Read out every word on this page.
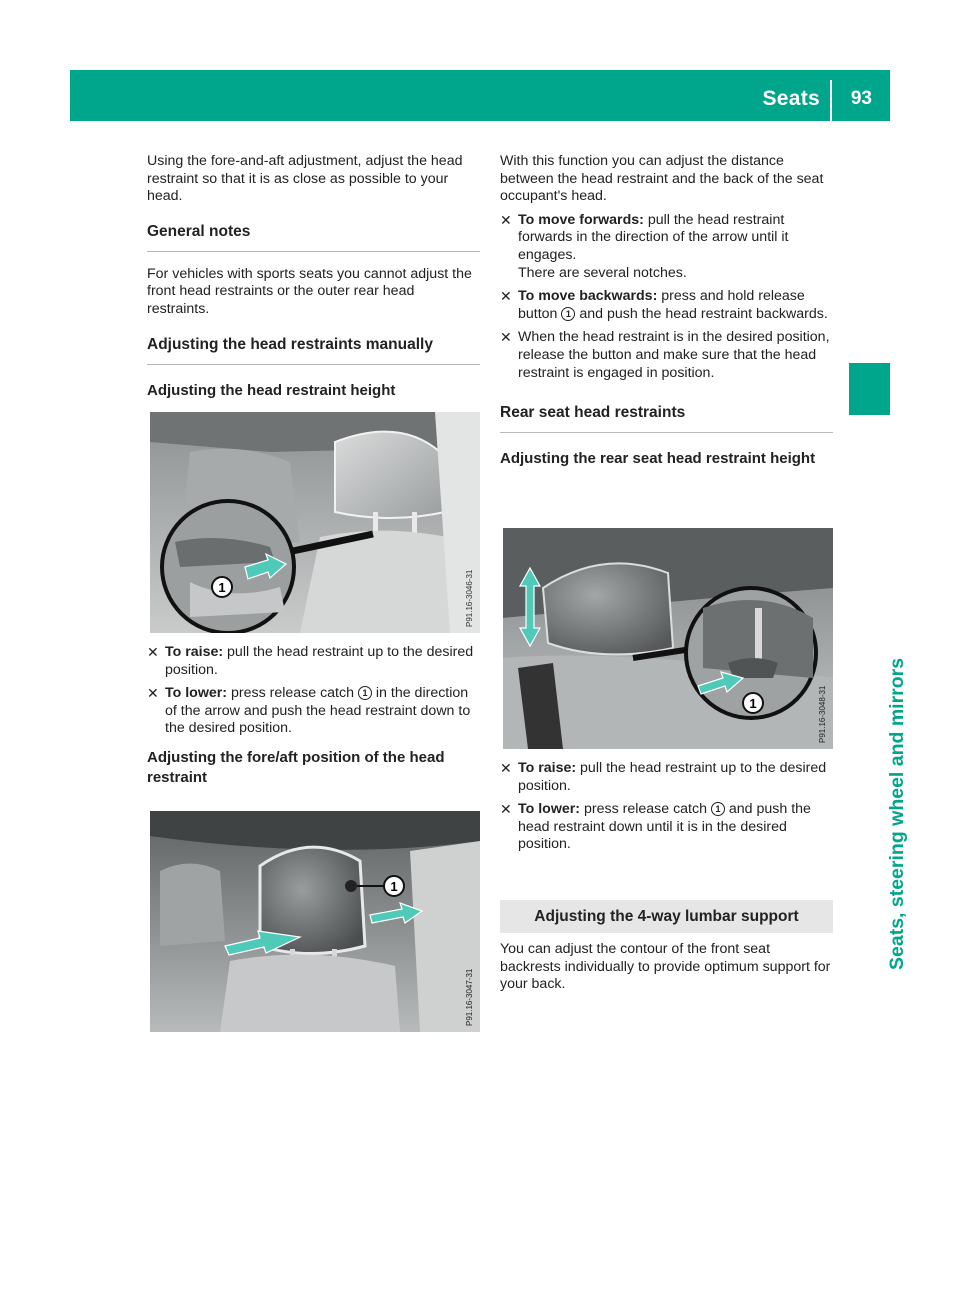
Seats 93
Seats, steering wheel and mirrors

Using the fore-and-aft adjustment, adjust the head restraint so that it is as close as possible to your head.

General notes

For vehicles with sports seats you cannot adjust the front head restraints or the outer rear head restraints.

Adjusting the head restraints manually
Adjusting the head restraint height
1	P91.16-3046-31
✕ To raise: pull the head restraint up to the desired position.
✕ To lower: press release catch 1 in the direction of the arrow and push the head restraint down to the desired position.
Adjusting the fore/aft position of the head restraint
1
P91.16-3047-31

With this function you can adjust the distance between the head restraint and the back of the seat occupant's head.

✕ To move forwards: pull the head restraint forwards in the direction of the arrow until it engages.
There are several notches.
✕ To move backwards: press and hold release button 1 and push the head restraint backwards.
✕ When the head restraint is in the desired position, release the button and make sure that the head restraint is engaged in position.
Rear seat head restraints
Adjusting the rear seat head restraint height
1	P91.16-3048-31
✕ To raise: pull the head restraint up to the desired position.
✕ To lower: press release catch 1 and push the head restraint down until it is in the desired position.
Adjusting the 4-way lumbar support

You can adjust the contour of the front seat backrests individually to provide optimum support for your back.
